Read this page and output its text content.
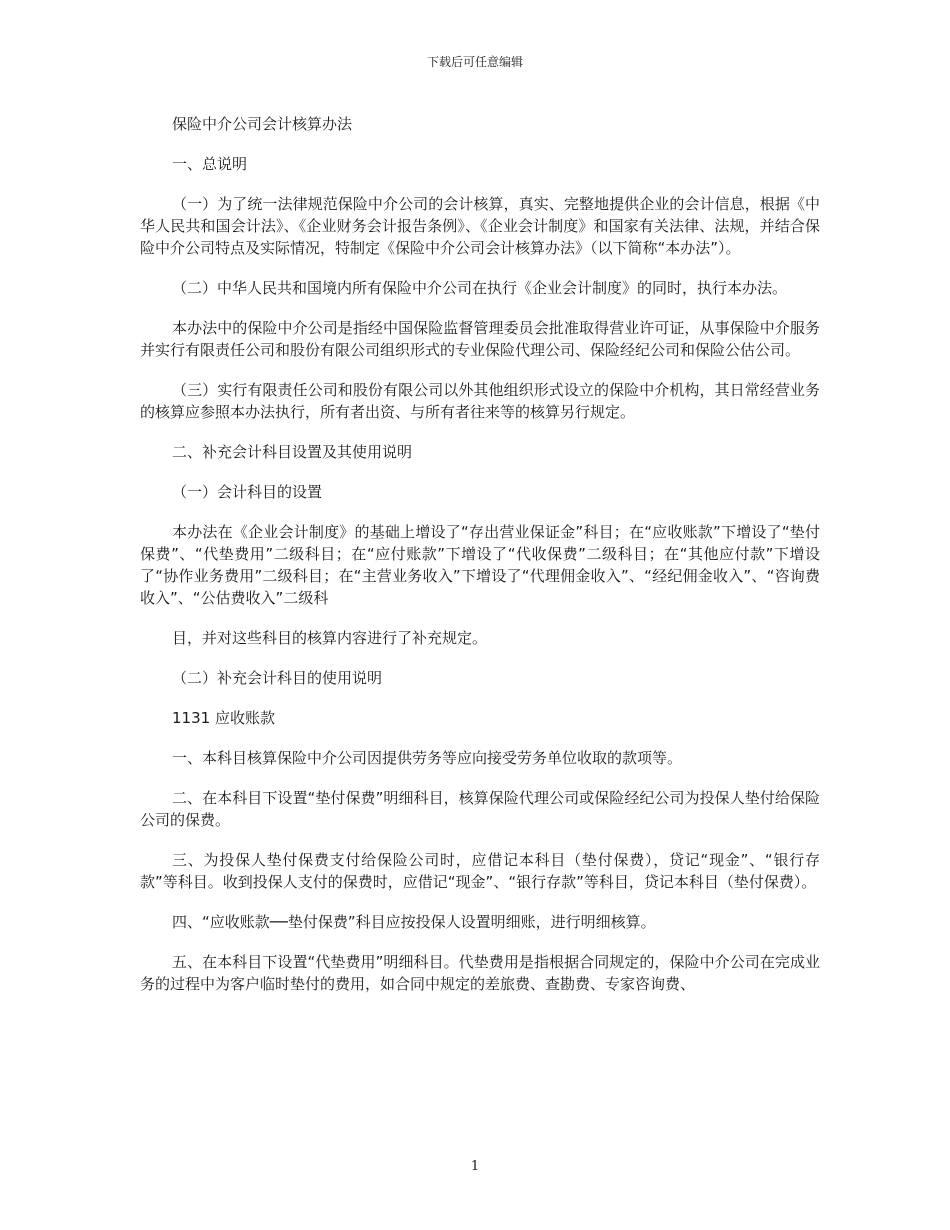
下载后可任意编辑

保险中介公司会计核算办法

一、总说明

（一）为了统一法律规范保险中介公司的会计核算，真实、完整地提供企业的会计信息，根据《中华人民共和国会计法》、《企业财务会计报告条例》、《企业会计制度》和国家有关法律、法规，并结合保险中介公司特点及实际情况，特制定《保险中介公司会计核算办法》（以下简称“本办法”）。

（二）中华人民共和国境内所有保险中介公司在执行《企业会计制度》的同时，执行本办法。

本办法中的保险中介公司是指经中国保险监督管理委员会批准取得营业许可证，从事保险中介服务并实行有限责任公司和股份有限公司组织形式的专业保险代理公司、保险经纪公司和保险公估公司。

（三）实行有限责任公司和股份有限公司以外其他组织形式设立的保险中介机构，其日常经营业务的核算应参照本办法执行，所有者出资、与所有者往来等的核算另行规定。

二、补充会计科目设置及其使用说明

（一）会计科目的设置

本办法在《企业会计制度》的基础上增设了“存出营业保证金”科目；在“应收账款”下增设了“垫付保费”、“代垫费用”二级科目；在“应付账款”下增设了“代收保费”二级科目；在“其他应付款”下增设了“协作业务费用”二级科目；在“主营业务收入”下增设了“代理佣金收入”、“经纪佣金收入”、“咨询费收入”、“公估费收入”二级科

目，并对这些科目的核算内容进行了补充规定。

（二）补充会计科目的使用说明

1131 应收账款

一、本科目核算保险中介公司因提供劳务等应向接受劳务单位收取的款项等。

二、在本科目下设置“垫付保费”明细科目，核算保险代理公司或保险经纪公司为投保人垫付给保险公司的保费。

三、为投保人垫付保费支付给保险公司时，应借记本科目（垫付保费），贷记“现金”、“银行存款”等科目。收到投保人支付的保费时，应借记“现金”、“银行存款”等科目，贷记本科目（垫付保费）。

四、“应收账款──垫付保费”科目应按投保人设置明细账，进行明细核算。

五、在本科目下设置“代垫费用”明细科目。代垫费用是指根据合同规定的，保险中介公司在完成业务的过程中为客户临时垫付的费用，如合同中规定的差旅费、查勘费、专家咨询费、

1
